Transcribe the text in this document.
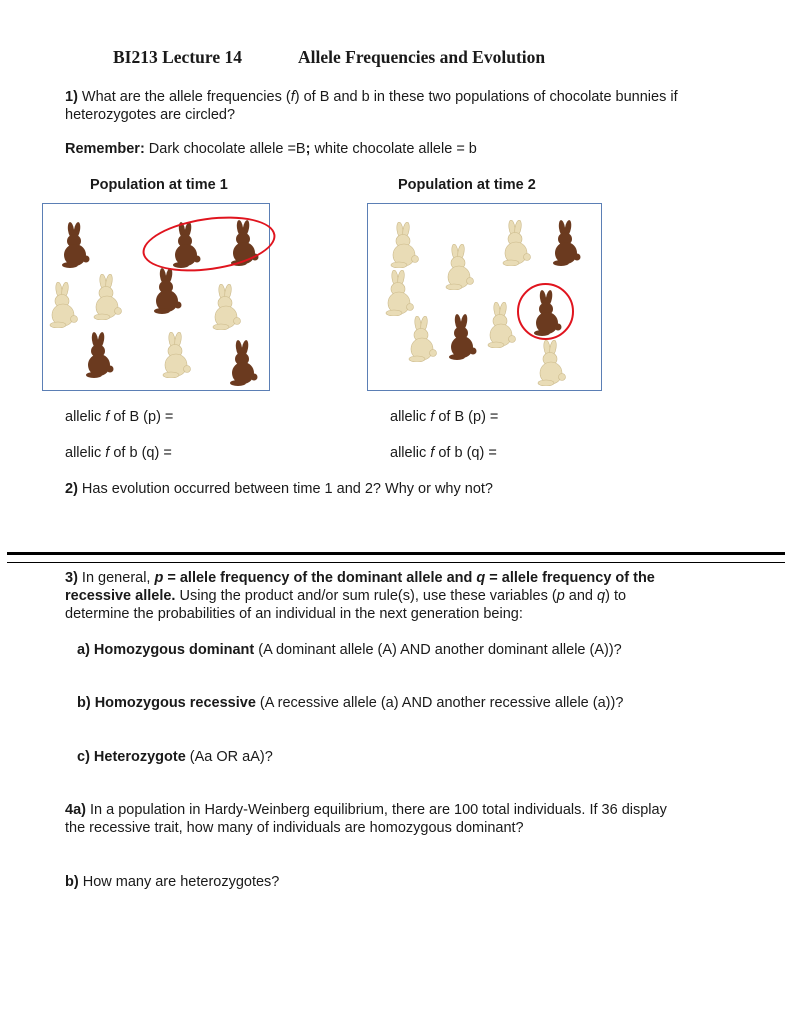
BI213 Lecture 14	Allele Frequencies and Evolution
1) What are the allele frequencies (f) of B and b in these two populations of chocolate bunnies if
heterozygotes are circled?
Remember: Dark chocolate allele =B; white chocolate allele = b
Population at time 1	Population at time 2
allelic f of B (p) =	allelic f of B (p) =
allelic f of b (q) =	allelic f of b (q) =
2) Has evolution occurred between time 1 and 2? Why or why not?
3) In general, p = allele frequency of the dominant allele and q = allele frequency of the
recessive allele. Using the product and/or sum rule(s), use these variables (p and q) to
determine the probabilities of an individual in the next generation being:
a) Homozygous dominant (A dominant allele (A) AND another dominant allele (A))?
b) Homozygous recessive (A recessive allele (a) AND another recessive allele (a))?
c) Heterozygote (Aa OR aA)?
4a) In a population in Hardy-Weinberg equilibrium, there are 100 total individuals. If 36 display
the recessive trait, how many of individuals are homozygous dominant?
b) How many are heterozygotes?
